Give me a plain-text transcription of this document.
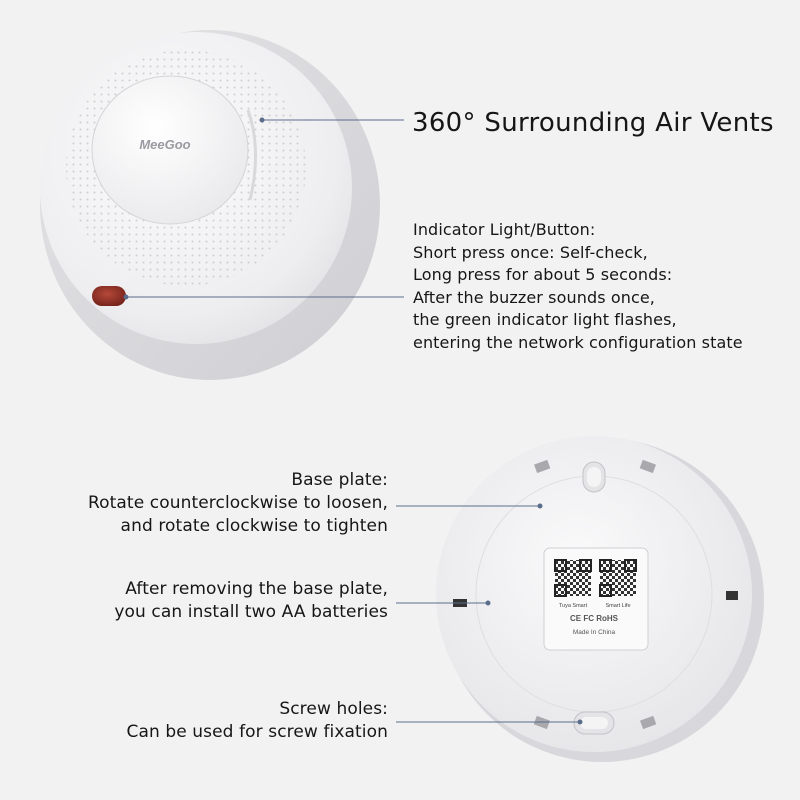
MeeGoo
Tuya Smart	Smart Life
CE FC RoHS
Made In China
360° Surrounding Air Vents
Indicator Light/Button:
Short press once: Self-check,
Long press for about 5 seconds:
After the buzzer sounds once,
the green indicator light flashes,
entering the network configuration state
Base plate:
Rotate counterclockwise to loosen,
and rotate clockwise to tighten
After removing the base plate,
you can install two AA batteries
Screw holes:
Can be used for screw fixation
